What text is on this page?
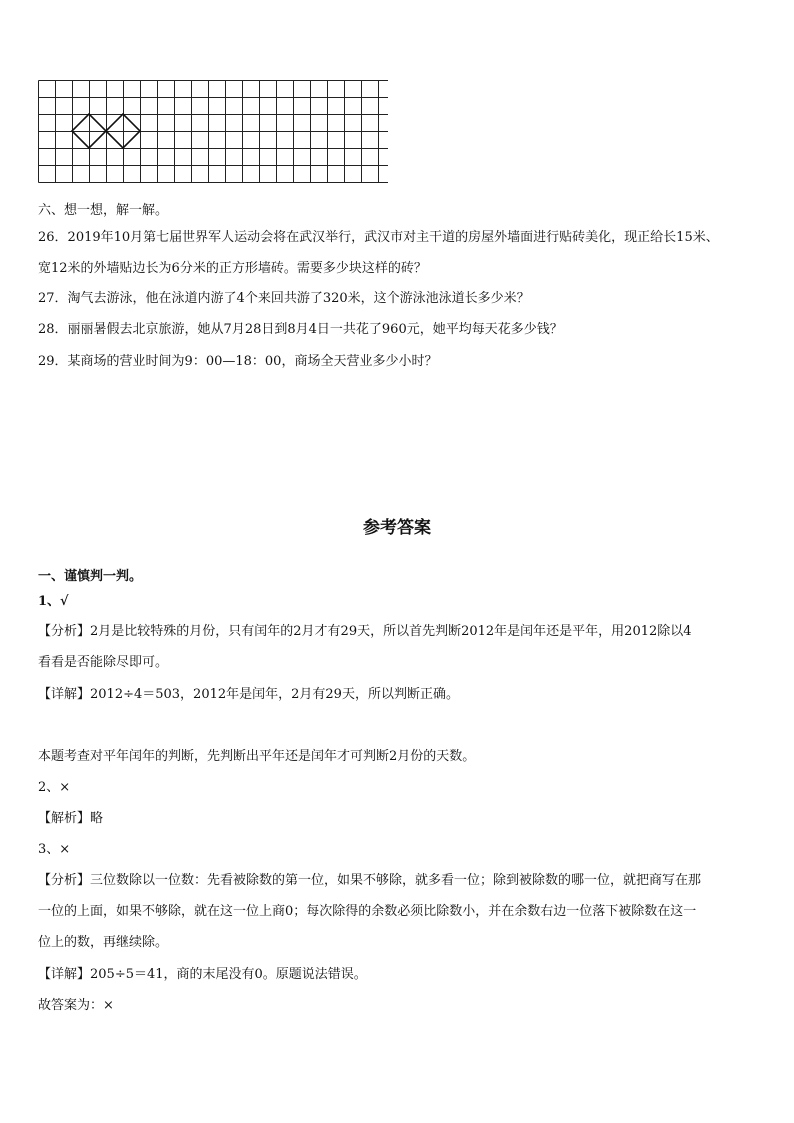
六、想一想，解一解。
26．2019年10月第七届世界军人运动会将在武汉举行，武汉市对主干道的房屋外墙面进行贴砖美化，现正给长15米、
宽12米的外墙贴边长为6分米的正方形墙砖。需要多少块这样的砖？
27．淘气去游泳，他在泳道内游了4个来回共游了320米，这个游泳池泳道长多少米？
28．丽丽暑假去北京旅游，她从7月28日到8月4日一共花了960元，她平均每天花多少钱？
29．某商场的营业时间为9：00—18：00，商场全天营业多少小时？
参考答案
一、谨慎判一判。
1、√
【分析】2月是比较特殊的月份，只有闰年的2月才有29天，所以首先判断2012年是闰年还是平年，用2012除以4
看看是否能除尽即可。
【详解】2012÷4＝503，2012年是闰年，2月有29天，所以判断正确。
本题考查对平年闰年的判断，先判断出平年还是闰年才可判断2月份的天数。
2、×
【解析】略
3、×
【分析】三位数除以一位数：先看被除数的第一位，如果不够除，就多看一位；除到被除数的哪一位，就把商写在那
一位的上面，如果不够除，就在这一位上商0；每次除得的余数必须比除数小，并在余数右边一位落下被除数在这一
位上的数，再继续除。
【详解】205÷5＝41，商的末尾没有0。原题说法错误。
故答案为：×
